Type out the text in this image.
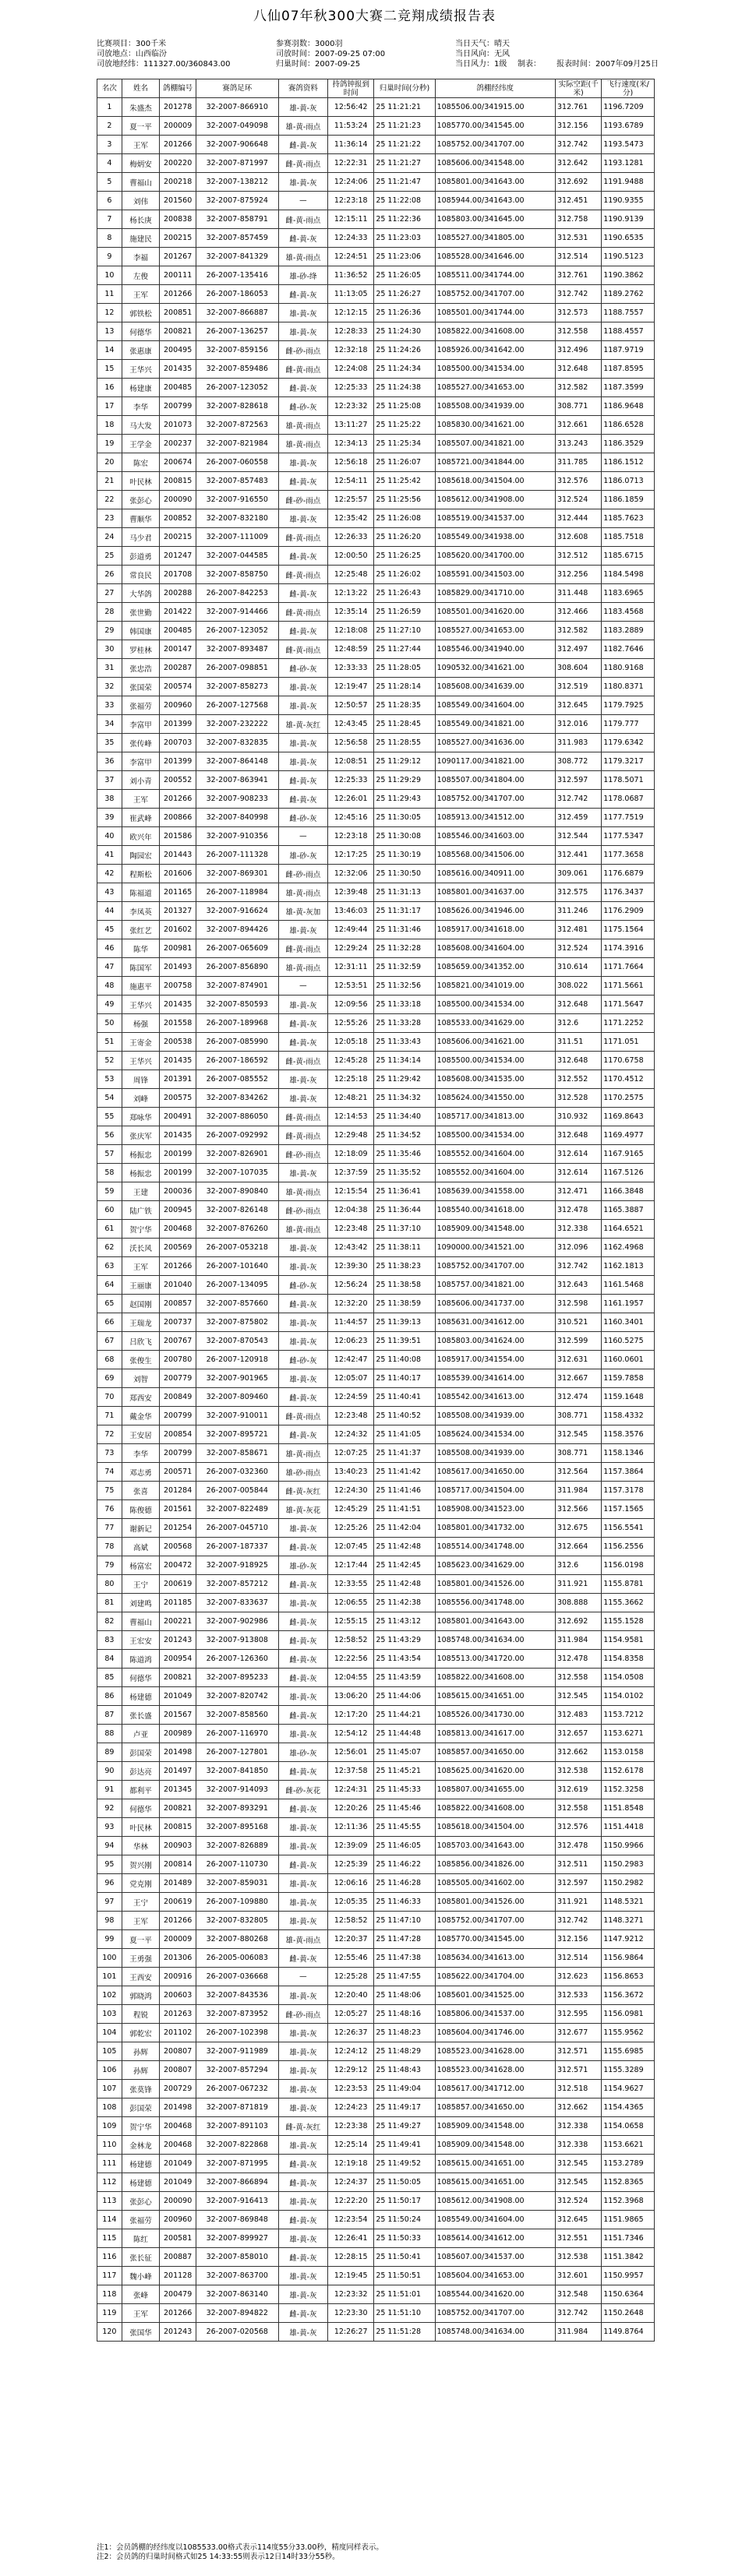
八仙07年秋300大赛二竞翔成绩报告表
比赛项目：300千米	参赛羽数：3000羽	当日天气：晴天
司放地点：山西临汾	司放时间：2007-09-25 07:00	当日风向：无风
司放地经纬：111327.00/360843.00	归巢时间：2007-09-25	当日风力：1级 制表： 报表时间：2007年09月25日
名次	姓名	鸽棚编号	赛鸽足环	赛鸽资料	持鸽钟报到时间	归巢时间(分秒)	鸽棚经纬度	实际空距(千米)	飞行速度(米/分)
1	朱盛杰	201278	32-2007-866910	雄-黄-灰	12:56:42	25 11:21:21	1085506.00/341915.00	312.761	1196.7209
2	夏一平	200009	32-2007-049098	雄-黄-雨点	11:53:24	25 11:21:23	1085770.00/341545.00	312.156	1193.6789
3	王军	201266	32-2007-906648	雌-黄-灰	11:36:14	25 11:21:22	1085752.00/341707.00	312.742	1193.5473
4	梅炳安	200220	32-2007-871997	雌-黄-雨点	12:22:31	25 11:21:27	1085606.00/341548.00	312.642	1193.1281
5	曹福山	200218	32-2007-138212	雄-黄-灰	12:24:06	25 11:21:47	1085801.00/341643.00	312.692	1191.9488
6	刘伟	201560	32-2007-875924	—	12:23:18	25 11:22:08	1085944.00/341643.00	312.451	1190.9355
7	杨长庚	200838	32-2007-858791	雌-黄-雨点	12:15:11	25 11:22:36	1085803.00/341645.00	312.758	1190.9139
8	施建民	200215	32-2007-857459	雌-黄-灰	12:24:33	25 11:23:03	1085527.00/341805.00	312.531	1190.6535
9	李福	201267	32-2007-841329	雄-黄-雨点	12:24:51	25 11:23:06	1085528.00/341646.00	312.514	1190.5123
10	左俊	200111	26-2007-135416	雄-砂-绛	11:36:52	25 11:26:05	1085511.00/341744.00	312.761	1190.3862
11	王军	201266	26-2007-186053	雌-黄-灰	11:13:05	25 11:26:27	1085752.00/341707.00	312.742	1189.2762
12	郭铁松	200851	32-2007-866887	雄-黄-灰	12:12:15	25 11:26:36	1085501.00/341744.00	312.573	1188.7557
13	何德华	200821	26-2007-136257	雄-黄-灰	12:28:33	25 11:24:30	1085822.00/341608.00	312.558	1188.4557
14	张惠康	200495	32-2007-859156	雌-砂-雨点	12:32:18	25 11:24:26	1085926.00/341642.00	312.496	1187.9719
15	王华兴	201435	32-2007-859486	雌-黄-雨点	12:24:08	25 11:24:34	1085500.00/341534.00	312.648	1187.8595
16	杨建康	200485	26-2007-123052	雌-黄-灰	12:25:33	25 11:24:38	1085527.00/341653.00	312.582	1187.3599
17	李华	200799	32-2007-828618	雌-砂-灰	12:23:32	25 11:25:08	1085508.00/341939.00	308.771	1186.9648
18	马大发	201073	32-2007-872563	雄-黄-雨点	13:11:27	25 11:25:22	1085830.00/341621.00	312.661	1186.6528
19	王学金	200237	32-2007-821984	雄-黄-雨点	12:34:13	25 11:25:34	1085507.00/341821.00	313.243	1186.3529
20	陈宏	200674	26-2007-060558	雄-黄-灰	12:56:18	25 11:26:07	1085721.00/341844.00	311.785	1186.1512
21	叶民林	200815	32-2007-857483	雌-黄-灰	12:54:11	25 11:25:42	1085618.00/341504.00	312.576	1186.0713
22	张彭心	200090	32-2007-916550	雌-砂-雨点	12:25:57	25 11:25:56	1085612.00/341908.00	312.524	1186.1859
23	曹顺华	200852	32-2007-832180	雄-黄-灰	12:35:42	25 11:26:08	1085519.00/341537.00	312.444	1185.7623
24	马少君	200215	32-2007-111009	雌-黄-雨点	12:26:33	25 11:26:20	1085549.00/341938.00	312.608	1185.7518
25	彭道勇	201247	32-2007-044585	雌-黄-灰	12:00:50	25 11:26:25	1085620.00/341700.00	312.512	1185.6715
26	常良民	201708	32-2007-858750	雌-黄-雨点	12:25:48	25 11:26:02	1085591.00/341503.00	312.256	1184.5498
27	大华鸽	200288	26-2007-842253	雌-黄-灰	12:13:22	25 11:26:43	1085829.00/341710.00	311.448	1183.6965
28	张世勤	201422	32-2007-914466	雌-黄-雨点	12:35:14	25 11:26:59	1085501.00/341620.00	312.466	1183.4568
29	韩国康	200485	26-2007-123052	雌-黄-灰	12:18:08	25 11:27:10	1085527.00/341653.00	312.582	1183.2889
30	罗桂林	200147	32-2007-893487	雌-黄-雨点	12:48:59	25 11:27:44	1085546.00/341940.00	312.497	1182.7646
31	张忠浩	200287	26-2007-098851	雌-砂-灰	12:33:33	25 11:28:05	1090532.00/341621.00	308.604	1180.9168
32	张国荣	200574	32-2007-858273	雄-黄-灰	12:19:47	25 11:28:14	1085608.00/341639.00	312.519	1180.8371
33	张福劳	200960	26-2007-127568	雄-黄-灰	12:50:57	25 11:28:35	1085549.00/341604.00	312.645	1179.7925
34	李富甲	201399	32-2007-232222	雄-黄-灰红	12:43:45	25 11:28:45	1085549.00/341821.00	312.016	1179.777
35	张传峰	200703	32-2007-832835	雄-黄-灰	12:56:58	25 11:28:55	1085527.00/341636.00	311.983	1179.6342
36	李富甲	201399	32-2007-864148	雄-黄-灰	12:08:51	25 11:29:12	1090117.00/341821.00	308.772	1179.3217
37	刘小青	200552	32-2007-863941	雌-黄-灰	12:25:33	25 11:29:29	1085507.00/341804.00	312.597	1178.5071
38	王军	201266	32-2007-908233	雌-黄-灰	12:26:01	25 11:29:43	1085752.00/341707.00	312.742	1178.0687
39	崔武峰	200866	32-2007-840998	雌-砂-灰	12:45:16	25 11:30:05	1085913.00/341512.00	312.459	1177.7519
40	欧兴年	201586	32-2007-910356	—	12:23:18	25 11:30:08	1085546.00/341603.00	312.544	1177.5347
41	陶园宏	201443	26-2007-111328	雄-砂-灰	12:17:25	25 11:30:19	1085568.00/341506.00	312.441	1177.3658
42	程斯松	201606	32-2007-869301	雌-砂-雨点	12:32:06	25 11:30:50	1085616.00/340911.00	309.061	1176.6879
43	陈福道	201165	26-2007-118984	雄-黄-雨点	12:39:48	25 11:31:13	1085801.00/341637.00	312.575	1176.3437
44	李凤英	201327	32-2007-916624	雄-黄-灰加	13:46:03	25 11:31:17	1085626.00/341946.00	311.246	1176.2909
45	张红艺	201602	32-2007-894426	雄-黄-灰	12:49:44	25 11:31:46	1085917.00/341618.00	312.481	1175.1564
46	陈华	200981	26-2007-065609	雌-黄-雨点	12:29:24	25 11:32:28	1085608.00/341604.00	312.524	1174.3916
47	陈国军	201493	26-2007-856890	雄-黄-雨点	12:31:11	25 11:32:59	1085659.00/341352.00	310.614	1171.7664
48	施惠平	200758	32-2007-874901	—	12:53:51	25 11:32:56	1085821.00/341019.00	308.022	1171.5661
49	王华兴	201435	32-2007-850593	雄-黄-灰	12:09:56	25 11:33:18	1085500.00/341534.00	312.648	1171.5647
50	杨强	201558	26-2007-189968	雌-黄-灰	12:55:26	25 11:33:28	1085533.00/341629.00	312.6	1171.2252
51	王寄金	200538	26-2007-085990	雌-黄-灰	12:05:18	25 11:33:43	1085606.00/341621.00	311.51	1171.051
52	王华兴	201435	26-2007-186592	雌-黄-雨点	12:45:28	25 11:34:14	1085500.00/341534.00	312.648	1170.6758
53	周锋	201391	26-2007-085552	雄-黄-灰	12:25:18	25 11:29:42	1085608.00/341535.00	312.552	1170.4512
54	刘峰	200575	32-2007-834262	雄-黄-灰	12:48:21	25 11:34:32	1085624.00/341550.00	312.528	1170.2575
55	郑咏华	200491	32-2007-886050	雌-黄-雨点	12:14:53	25 11:34:40	1085717.00/341813.00	310.932	1169.8643
56	张庆军	201435	26-2007-092992	雌-黄-雨点	12:29:48	25 11:34:52	1085500.00/341534.00	312.648	1169.4977
57	杨振忠	200199	32-2007-826901	雌-砂-雨点	12:18:09	25 11:35:46	1085552.00/341604.00	312.614	1167.9165
58	杨振忠	200199	32-2007-107035	雄-黄-灰	12:37:59	25 11:35:52	1085552.00/341604.00	312.614	1167.5126
59	王建	200036	32-2007-890840	雄-黄-雨点	12:15:54	25 11:36:41	1085639.00/341558.00	312.471	1166.3848
60	陆广铁	200945	32-2007-826148	雌-砂-雨点	12:04:38	25 11:36:44	1085540.00/341618.00	312.478	1165.3887
61	贺宁华	200468	32-2007-876260	雄-黄-雨点	12:23:48	25 11:37:10	1085909.00/341548.00	312.338	1164.6521
62	沃长风	200569	26-2007-053218	雄-黄-灰	12:43:42	25 11:38:11	1090000.00/341521.00	312.096	1162.4968
63	王军	201266	26-2007-101640	雄-黄-灰	12:39:30	25 11:38:23	1085752.00/341707.00	312.742	1162.1813
64	王丽康	201040	26-2007-134095	雌-砂-灰	12:56:24	25 11:38:58	1085757.00/341821.00	312.643	1161.5468
65	赵国刚	200857	32-2007-857660	雌-黄-灰	12:32:20	25 11:38:59	1085606.00/341737.00	312.598	1161.1957
66	王瑞龙	200737	32-2007-875802	雄-黄-灰	11:44:57	25 11:39:13	1085631.00/341612.00	310.521	1160.3401
67	吕欣飞	200767	32-2007-870543	雄-黄-灰	12:06:23	25 11:39:51	1085803.00/341624.00	312.599	1160.5275
68	张俊生	200780	26-2007-120918	雌-砂-灰	12:42:47	25 11:40:08	1085917.00/341554.00	312.631	1160.0601
69	刘智	200779	32-2007-901965	雄-黄-灰	12:05:07	25 11:40:17	1085539.00/341614.00	312.667	1159.7858
70	郑西安	200849	32-2007-809460	雌-黄-灰	12:24:59	25 11:40:41	1085542.00/341613.00	312.474	1159.1648
71	戴金华	200799	32-2007-910011	雌-黄-雨点	12:23:48	25 11:40:52	1085508.00/341939.00	308.771	1158.4332
72	王安居	200854	32-2007-895721	雌-黄-灰	12:24:32	25 11:41:05	1085624.00/341534.00	312.545	1158.3576
73	李华	200799	32-2007-858671	雄-黄-雨点	12:07:25	25 11:41:37	1085508.00/341939.00	308.771	1158.1346
74	邓志勇	200571	26-2007-032360	雄-砂-雨点	13:40:23	25 11:41:42	1085617.00/341650.00	312.564	1157.3864
75	张喜	201284	26-2007-005844	雌-黄-灰红	12:24:30	25 11:41:46	1085717.00/341504.00	311.984	1157.3178
76	陈俊德	201561	32-2007-822489	雄-黄-灰花	12:45:29	25 11:41:51	1085908.00/341523.00	312.566	1157.1565
77	谢新记	201254	26-2007-045710	雄-黄-灰	12:25:26	25 11:42:04	1085801.00/341732.00	312.675	1156.5541
78	高斌	200568	26-2007-187337	雌-黄-灰	12:07:45	25 11:42:48	1085514.00/341748.00	312.664	1156.2556
79	杨富宏	200472	32-2007-918925	雄-砂-灰	12:17:44	25 11:42:45	1085623.00/341629.00	312.6	1156.0198
80	王宁	200619	32-2007-857212	雌-黄-灰	12:33:55	25 11:42:48	1085801.00/341526.00	311.921	1155.8781
81	刘建鸣	201185	32-2007-833637	雄-黄-灰	12:06:55	25 11:42:38	1085556.00/341748.00	308.888	1155.3662
82	曹福山	200221	32-2007-902986	雌-黄-灰	12:55:15	25 11:43:12	1085801.00/341643.00	312.692	1155.1528
83	王宏安	201243	32-2007-913808	雌-黄-灰	12:58:52	25 11:43:29	1085748.00/341634.00	311.984	1154.9581
84	陈道鸿	200954	26-2007-126360	雌-黄-灰	12:22:56	25 11:43:54	1085513.00/341720.00	312.478	1154.8358
85	何德华	200821	32-2007-895233	雌-黄-灰	12:04:55	25 11:43:59	1085822.00/341608.00	312.558	1154.0508
86	杨建德	201049	32-2007-820742	雄-黄-灰	13:06:20	25 11:44:06	1085615.00/341651.00	312.545	1154.0102
87	张长盛	201567	32-2007-858560	雌-黄-灰	12:17:20	25 11:44:21	1085526.00/341730.00	312.483	1153.7212
88	卢亚	200989	26-2007-116970	雄-黄-灰	12:54:12	25 11:44:48	1085813.00/341617.00	312.657	1153.6271
89	彭国荣	201498	26-2007-127801	雄-砂-灰	12:56:01	25 11:45:07	1085857.00/341650.00	312.662	1153.0158
90	彭达亮	201497	32-2007-841850	雌-黄-灰	12:37:58	25 11:45:21	1085625.00/341620.00	312.538	1152.6178
91	都利平	201345	32-2007-914093	雌-砂-灰花	12:24:31	25 11:45:33	1085807.00/341655.00	312.619	1152.3258
92	何德华	200821	32-2007-893291	雌-黄-灰	12:20:26	25 11:45:46	1085822.00/341608.00	312.558	1151.8548
93	叶民林	200815	32-2007-895168	雄-黄-灰	12:11:36	25 11:45:55	1085618.00/341504.00	312.576	1151.4418
94	华林	200903	32-2007-826889	雄-黄-灰	12:39:09	25 11:46:05	1085703.00/341643.00	312.478	1150.9966
95	贺兴刚	200814	26-2007-110730	雌-黄-灰	12:25:39	25 11:46:22	1085856.00/341826.00	312.511	1150.2983
96	党克刚	201489	32-2007-859031	雄-黄-灰	12:06:16	25 11:46:28	1085505.00/341602.00	312.597	1150.2982
97	王宁	200619	26-2007-109880	雄-黄-灰	12:05:35	25 11:46:33	1085801.00/341526.00	311.921	1148.5321
98	王军	201266	32-2007-832805	雄-黄-灰	12:58:52	25 11:47:10	1085752.00/341707.00	312.742	1148.3271
99	夏一平	200009	32-2007-880268	雄-黄-雨点	12:20:37	25 11:47:28	1085770.00/341545.00	312.156	1147.9212
100	王勇强	201306	26-2005-006083	雌-黄-灰	12:55:46	25 11:47:38	1085634.00/341613.00	312.514	1156.9864
101	王西安	200916	26-2007-036668	—	12:25:28	25 11:47:55	1085622.00/341704.00	312.623	1156.8653
102	郭晓鸿	200603	32-2007-843536	雄-黄-灰	12:20:40	25 11:48:06	1085601.00/341525.00	312.533	1156.3672
103	程锐	201263	32-2007-873952	雌-砂-雨点	12:05:27	25 11:48:16	1085806.00/341537.00	312.595	1156.0981
104	郭乾宏	201102	26-2007-102398	雄-黄-灰	12:26:37	25 11:48:23	1085604.00/341746.00	312.677	1155.9562
105	孙辉	200807	32-2007-911989	雄-黄-灰	12:24:12	25 11:48:29	1085523.00/341628.00	312.571	1155.6985
106	孙辉	200807	32-2007-857294	雄-黄-灰	12:29:12	25 11:48:43	1085523.00/341628.00	312.571	1155.3289
107	张莫锋	200729	26-2007-067232	雄-黄-灰	12:23:53	25 11:49:04	1085617.00/341712.00	312.518	1154.9627
108	彭国荣	201498	32-2007-871819	雄-黄-灰	12:24:23	25 11:49:17	1085857.00/341650.00	312.662	1154.4365
109	贺宁华	200468	32-2007-891103	雌-黄-灰红	12:23:38	25 11:49:27	1085909.00/341548.00	312.338	1154.0658
110	金林龙	200468	32-2007-822868	雄-黄-灰	12:25:14	25 11:49:41	1085909.00/341548.00	312.338	1153.6621
111	杨建德	201049	32-2007-871995	雌-黄-灰	12:19:18	25 11:49:52	1085615.00/341651.00	312.545	1153.2789
112	杨建德	201049	32-2007-866894	雌-黄-灰	12:24:37	25 11:50:05	1085615.00/341651.00	312.545	1152.8365
113	张彭心	200090	32-2007-916413	雄-黄-灰	12:22:20	25 11:50:17	1085612.00/341908.00	312.524	1152.3968
114	张福劳	200960	32-2007-869848	雌-黄-灰	12:23:54	25 11:50:24	1085549.00/341604.00	312.645	1151.9865
115	陈红	200581	32-2007-899927	雄-黄-灰	12:26:41	25 11:50:33	1085614.00/341612.00	312.551	1151.7346
116	张长征	200887	32-2007-858010	雌-黄-灰	12:28:15	25 11:50:41	1085607.00/341537.00	312.538	1151.3842
117	魏小峰	201128	32-2007-863700	雄-黄-灰	12:19:45	25 11:50:51	1085604.00/341653.00	312.601	1150.9957
118	张峰	200479	32-2007-863140	雄-黄-灰	12:23:32	25 11:51:01	1085544.00/341620.00	312.548	1150.6364
119	王军	201266	32-2007-894822	雌-黄-灰	12:23:30	25 11:51:10	1085752.00/341707.00	312.742	1150.2648
120	张国华	201243	26-2007-020568	雄-黄-灰	12:26:27	25 11:51:28	1085748.00/341634.00	311.984	1149.8764
注1：会员鸽棚的经纬度以1085533.00格式表示114度55分33.00秒，精度同样表示。
注2：会员鸽的归巢时间格式如25 14:33:55则表示12日14时33分55秒。
